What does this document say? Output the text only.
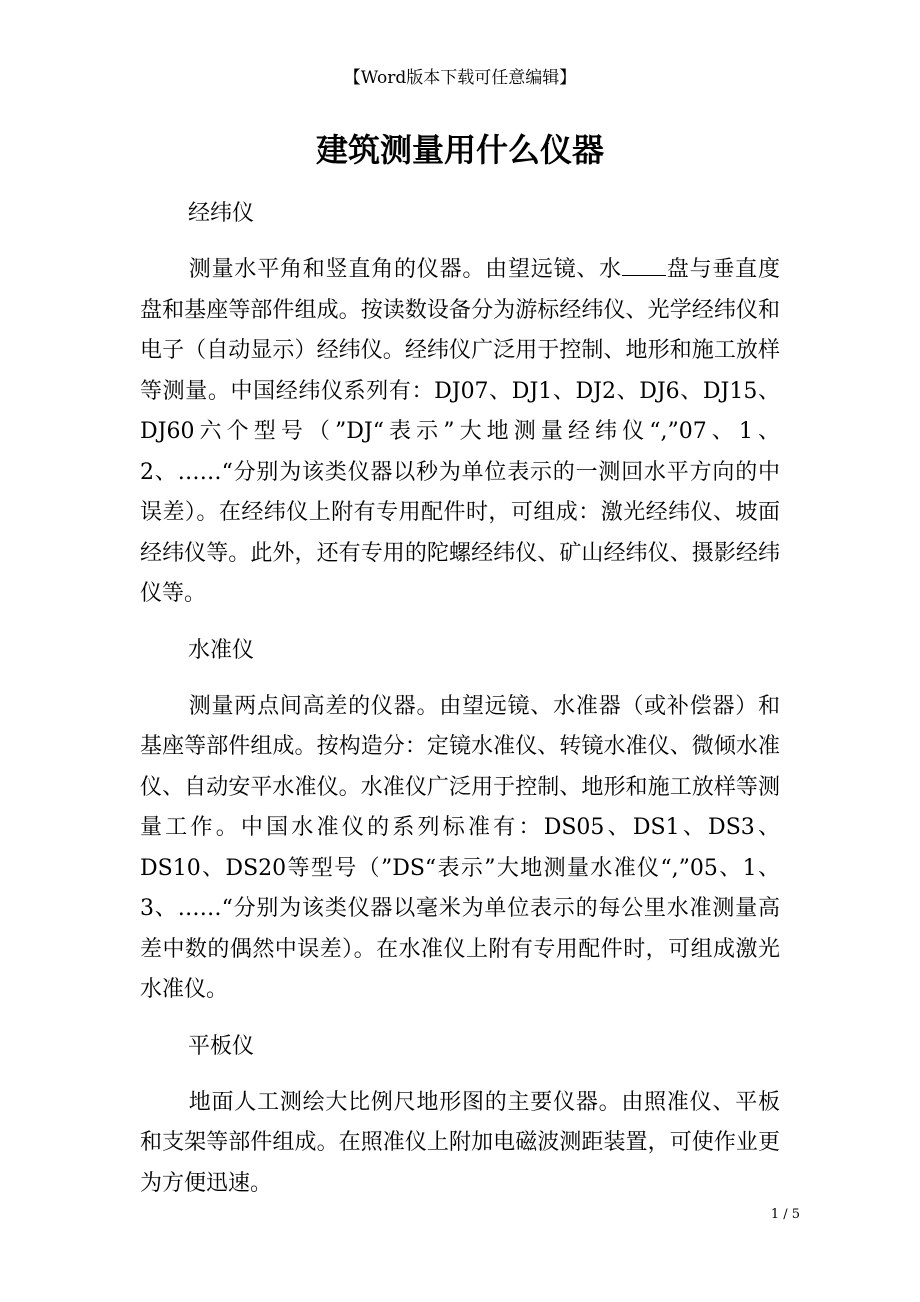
【Word版本下载可任意编辑】
建筑测量用什么仪器

经纬仪

测量水平角和竖直角的仪器。由望远镜、水 盘与垂直度盘和基座等部件组成。按读数设备分为游标经纬仪、光学经纬仪和电子（自动显示）经纬仪。经纬仪广泛用于控制、地形和施工放样等测量。中国经纬仪系列有：DJ07、DJ1、DJ2、DJ6、DJ15、DJ60六个型号（”DJ“表示”大地测量经纬仪“,”07、1、2、……“分别为该类仪器以秒为单位表示的一测回水平方向的中误差）。在经纬仪上附有专用配件时，可组成：激光经纬仪、坡面经纬仪等。此外，还有专用的陀螺经纬仪、矿山经纬仪、摄影经纬仪等。

水准仪

测量两点间高差的仪器。由望远镜、水准器（或补偿器）和基座等部件组成。按构造分：定镜水准仪、转镜水准仪、微倾水准仪、自动安平水准仪。水准仪广泛用于控制、地形和施工放样等测量工作。中国水准仪的系列标准有：DS05、DS1、DS3、DS10、DS20等型号（”DS“表示”大地测量水准仪“,”05、1、3、……“分别为该类仪器以毫米为单位表示的每公里水准测量高差中数的偶然中误差）。在水准仪上附有专用配件时，可组成激光水准仪。

平板仪

地面人工测绘大比例尺地形图的主要仪器。由照准仪、平板和支架等部件组成。在照准仪上附加电磁波测距装置，可使作业更为方便迅速。

1 / 5
